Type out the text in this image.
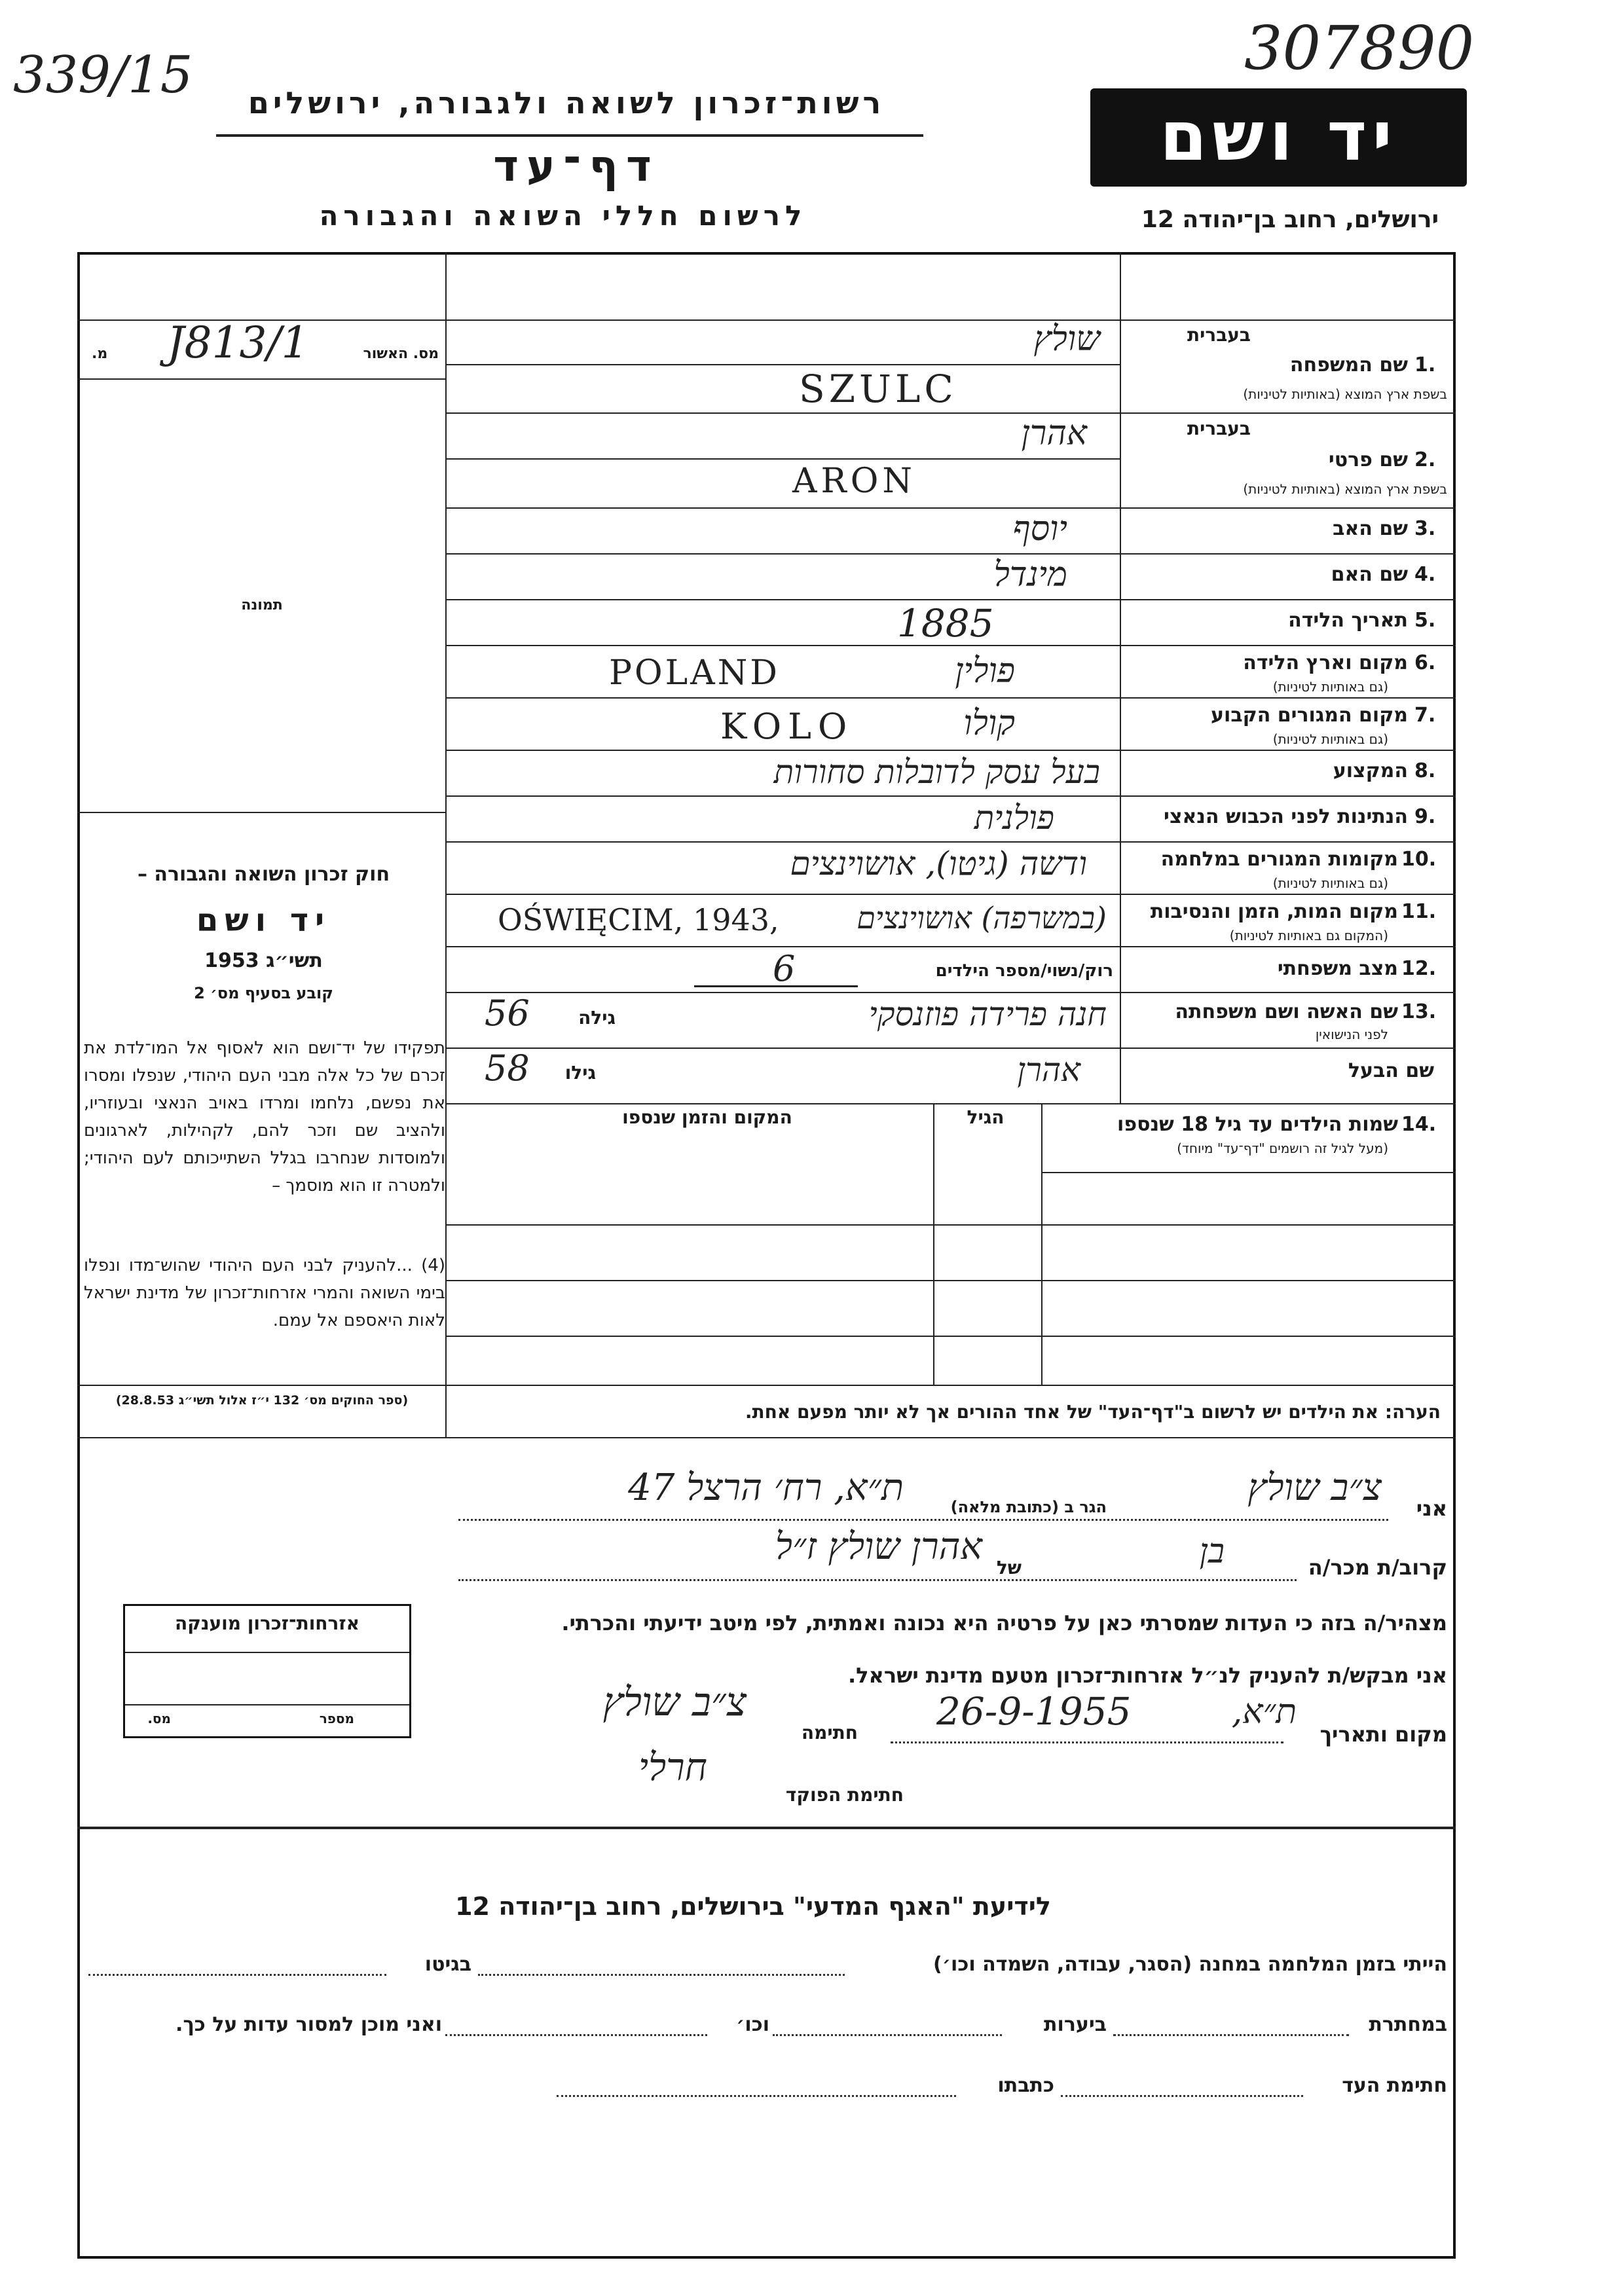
339/15	307890
רשות־זכרון לשואה ולגבורה, ירושלים
דף־עד
לרשום חללי השואה והגבורה
יד ושם
ירושלים, רחוב בן־יהודה 12
מס. האשור
J813/1
.מ
תמונה
חוק זכרון השואה והגבורה –
יד ושם
תשי״ג 1953
קובע בסעיף מס׳ 2
תפקידו של יד־ושם הוא לאסוף אל המו־לדת את זכרם של כל אלה מבני העם היהודי, שנפלו ומסרו את נפשם, נלחמו ומרדו באויב הנאצי ובעוזריו, ולהציב שם וזכר להם, לקהילות, לארגונים ולמוסדות שנחרבו בגלל השתייכותם לעם היהודי; ולמטרה זו הוא מוסמך –
(4) ...להעניק לבני העם היהודי שהוש־מדו ונפלו בימי השואה והמרי אזרחות־זכרון של מדינת ישראל לאות היאספם אל עמם.
(ספר החוקים מס׳ 132 י״ז אלול תשי״ג 28.8.53)
אזרחות־זכרון מוענקה
מספר
מס.
בעברית
1.
שם המשפחה
בשפת ארץ המוצא (באותיות לטיניות)
שולץ
SZULC
בעברית
2.
שם פרטי
בשפת ארץ המוצא (באותיות לטיניות)
אהרן
ARON
3.
שם האב
יוסף
4.
שם האם
מינדל
5.
תאריך הלידה
1885
6.
מקום וארץ הלידה
(גם באותיות לטיניות)
POLAND	פולין
7.
מקום המגורים הקבוע
(גם באותיות לטיניות)
KOLO	קולו
8.
המקצוע
בעל עסק לדובלות סחורות
9.
הנתינות לפני הכבוש הנאצי
פולנית
10.
מקומות המגורים במלחמה
(גם באותיות לטיניות)
ודשה (גיטו), אושוינצים
11.
מקום המות, הזמן והנסיבות
(המקום גם באותיות לטיניות)
OŚWIĘCIM, 1943,	(במשרפה) אושוינצים
12.
מצב משפחתי
רוק/נשוי/מספר הילדים
6
13.
שם האשה ושם משפחתה
לפני הנישואין
גילה
56	חנה פרידה פוזנסקי
שם הבעל
גילו
58	אהרן
14.
שמות הילדים עד גיל 18 שנספו
(מעל לגיל זה רושמים "דף־עד" מיוחד)
הגיל
המקום והזמן שנספו
הערה: את הילדים יש לרשום ב"דף־העד" של אחד ההורים אך לא יותר מפעם אחת.
אני
צ״ב שולץ
הגר ב (כתובת מלאה)
ת״א, רח׳ הרצל 47
קרוב/ת מכר/ה
בן
של
אהרן שולץ ז״ל
מצהיר/ה בזה כי העדות שמסרתי כאן על פרטיה היא נכונה ואמתית, לפי מיטב ידיעתי והכרתי.
אני מבקש/ת להעניק לנ״ל אזרחות־זכרון מטעם מדינת ישראל.
מקום ותאריך
ת״א,
26-9-1955
חתימה
צ״ב שולץ
חרלי
חתימת הפוקד
לידיעת "האגף המדעי" בירושלים, רחוב בן־יהודה 12
הייתי בזמן המלחמה במחנה (הסגר, עבודה, השמדה וכו׳)
בגיטו
במחתרת
ביערות
וכו׳
ואני מוכן למסור עדות על כך.
חתימת העד
כתבתו
